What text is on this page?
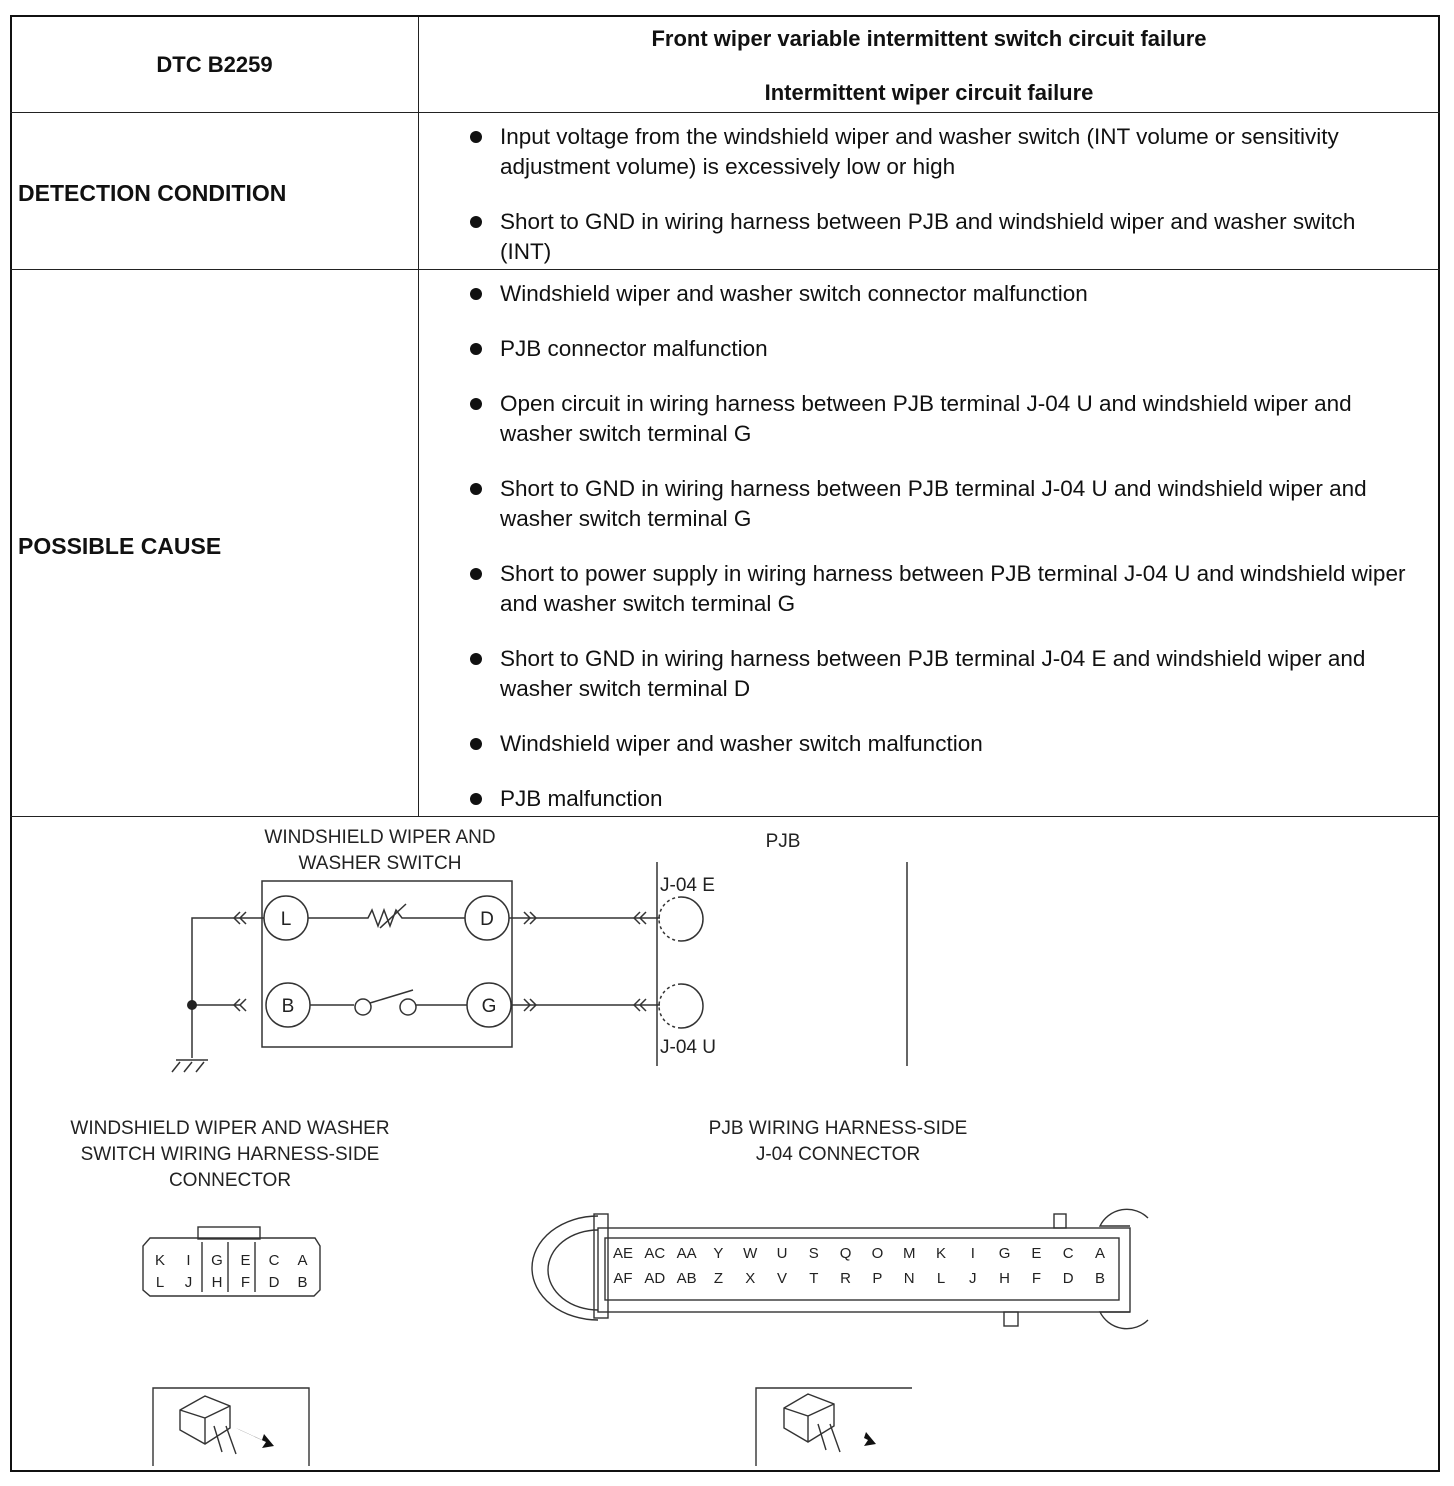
DTC B2259
Front wiper variable intermittent switch circuit failure
Intermittent wiper circuit failure
DETECTION CONDITION
Input voltage from the windshield wiper and washer switch (INT volume or sensitivity adjustment volume) is excessively low or high
Short to GND in wiring harness between PJB and windshield wiper and washer switch (INT)
POSSIBLE CAUSE
Windshield wiper and washer switch connector malfunction
PJB connector malfunction
Open circuit in wiring harness between PJB terminal J-04 U and windshield wiper and washer switch terminal G
Short to GND in wiring harness between PJB terminal J-04 U and windshield wiper and washer switch terminal G
Short to power supply in wiring harness between PJB terminal J-04 U and windshield wiper and washer switch terminal G
Short to GND in wiring harness between PJB terminal J-04 E and windshield wiper and washer switch terminal D
Windshield wiper and washer switch malfunction
PJB malfunction
WINDSHIELD WIPER AND
WASHER SWITCH
PJB
L	D
B	G
J-04 E
J-04 U
WINDSHIELD WIPER AND WASHER
SWITCH WIRING HARNESS-SIDE
CONNECTOR
PJB WIRING HARNESS-SIDE
J-04 CONNECTOR
K I G E C A
L J H F D B
AE AC AA Y W U S Q O M K I G E C A
AF AD AB Z X V T R P N L J H F D B
